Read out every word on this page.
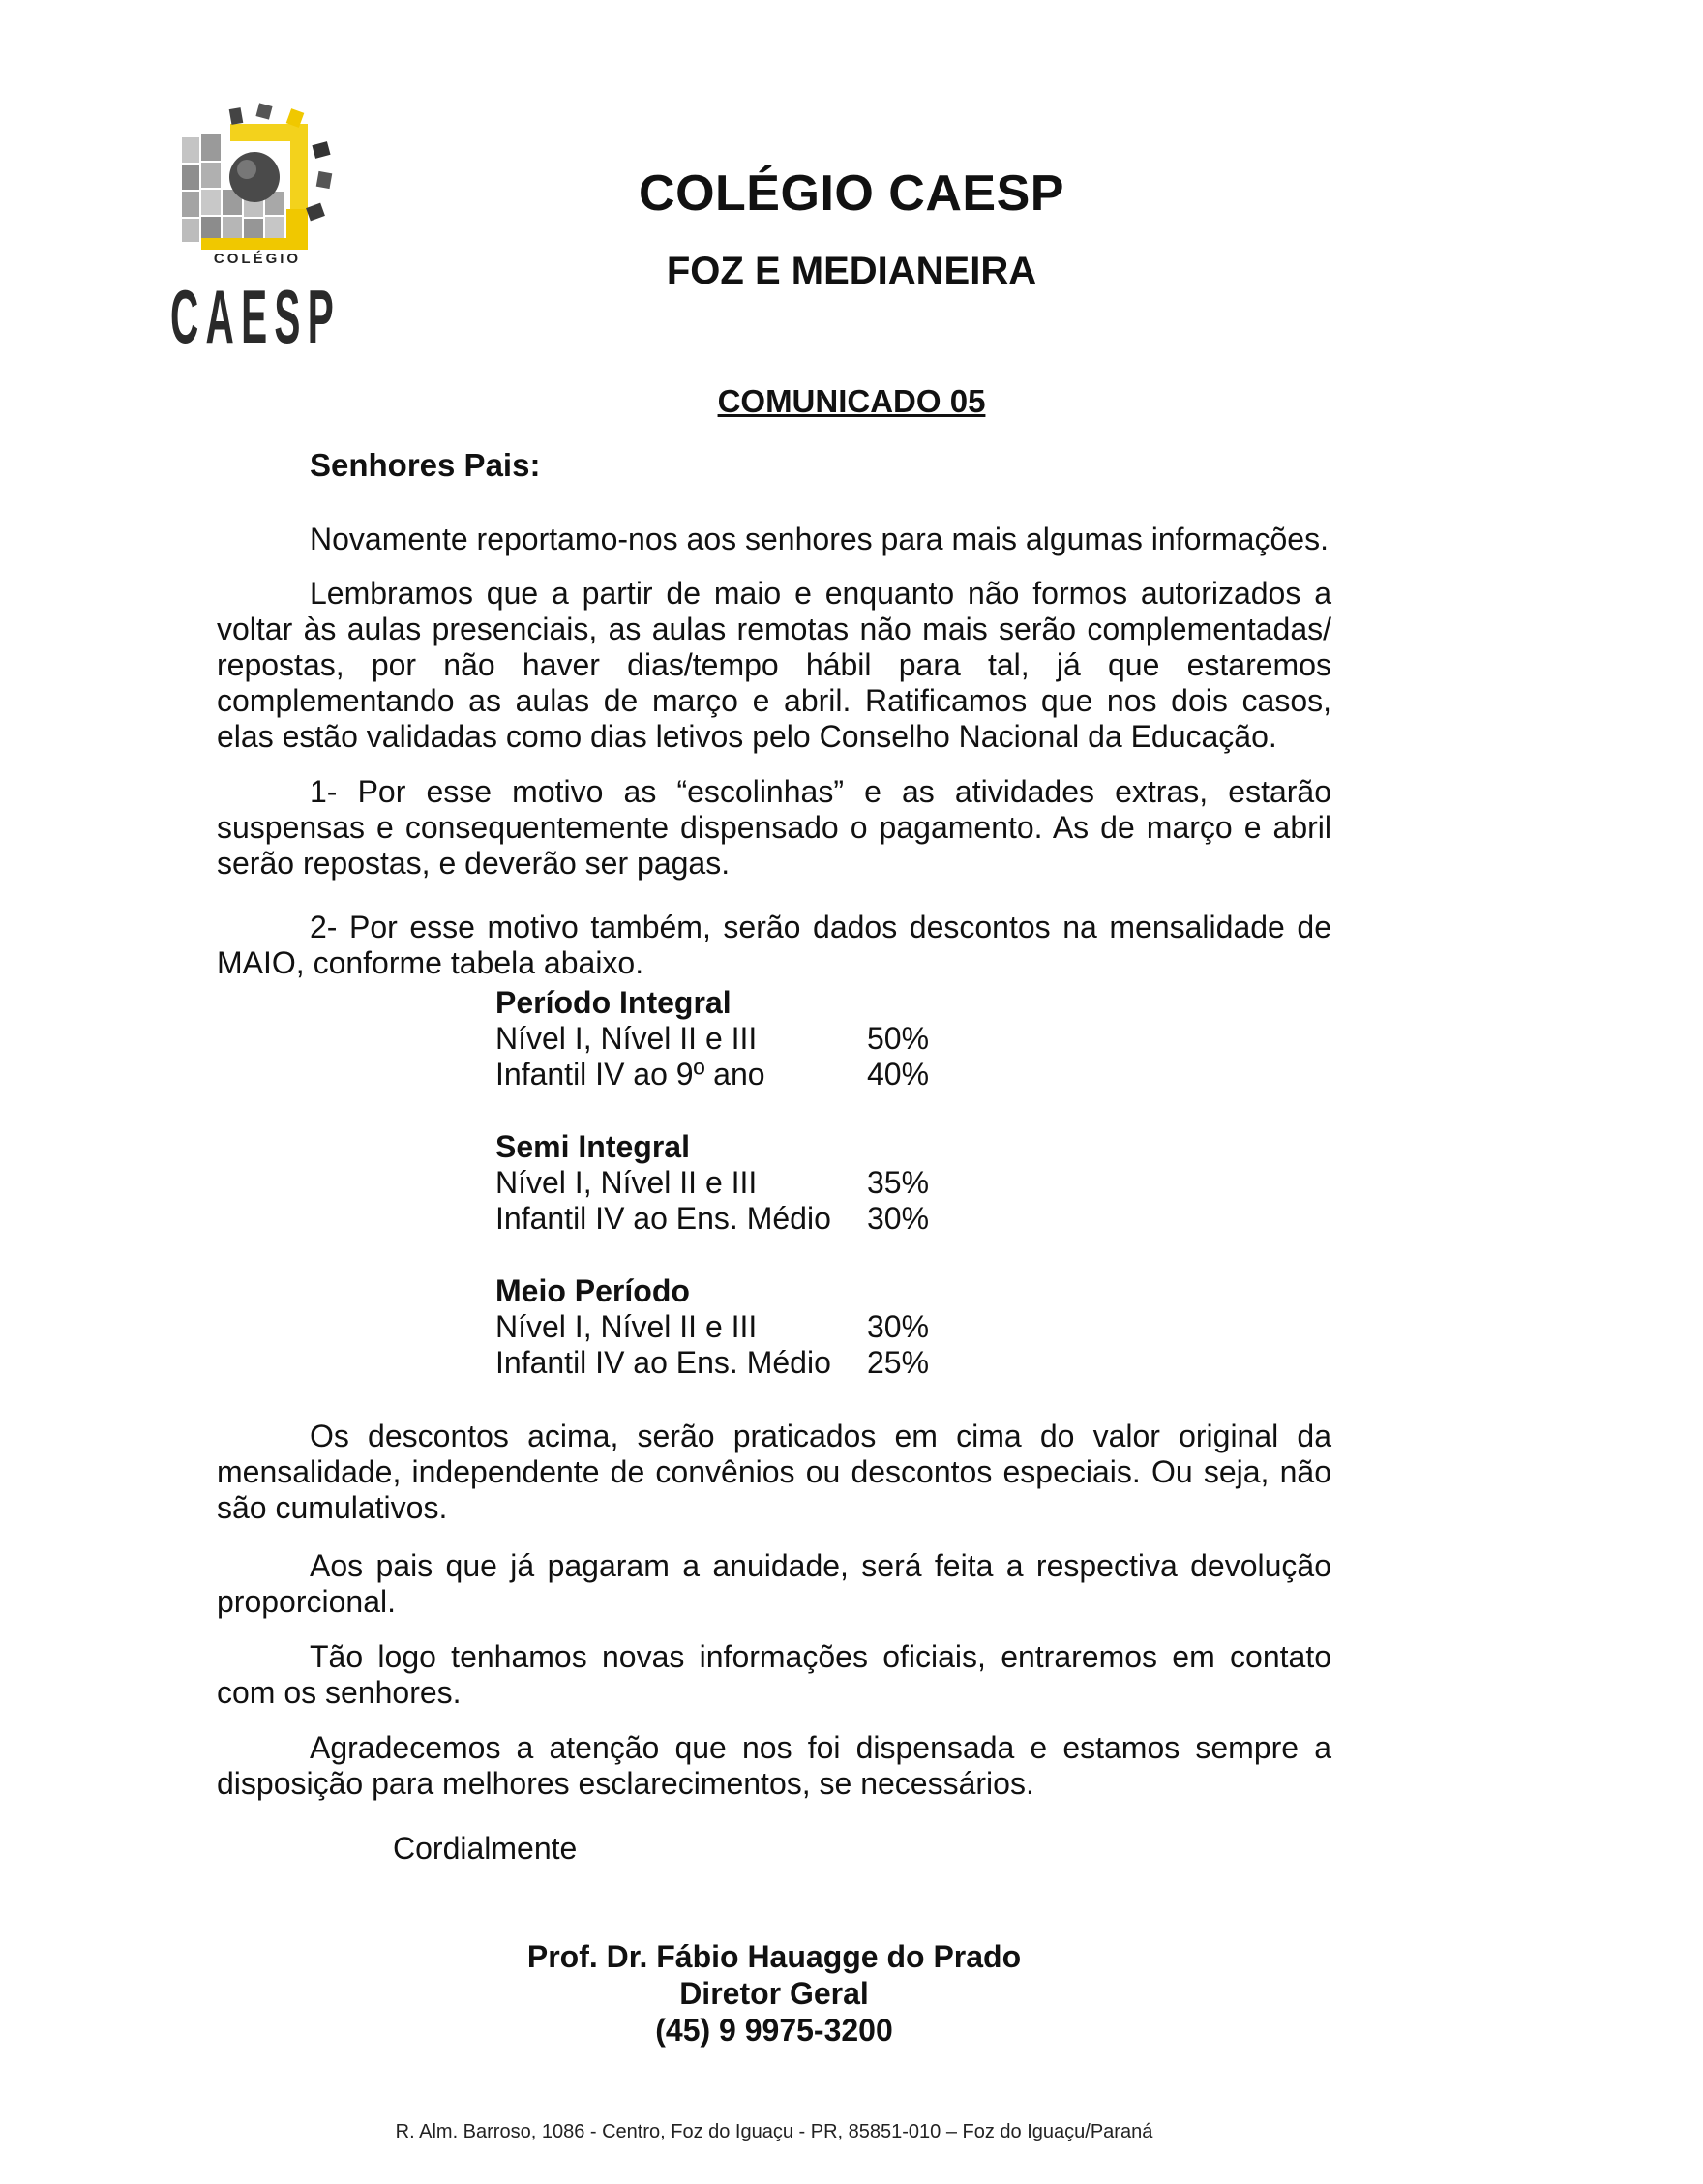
COLÉGIO
CAESP
COLÉGIO CAESP
FOZ E MEDIANEIRA
COMUNICADO 05
Senhores Pais:

Novamente reportamo-nos aos senhores para mais algumas informações.

Lembramos que a partir de maio e enquanto não formos autorizados a voltar às aulas presenciais, as aulas remotas não mais serão complementadas/ repostas, por não haver dias/tempo hábil para tal, já que estaremos complementando as aulas de março e abril. Ratificamos que nos dois casos, elas estão validadas como dias letivos pelo Conselho Nacional da Educação.

1- Por esse motivo as “escolinhas” e as atividades extras, estarão suspensas e consequentemente dispensado o pagamento. As de março e abril serão repostas, e deverão ser pagas.

2- Por esse motivo também, serão dados descontos na mensalidade de MAIO, conforme tabela abaixo.

Período Integral
Nível I, Nível II e III	50%
Infantil IV ao 9º ano	40%
Semi Integral
Nível I, Nível II e III	35%
Infantil IV ao Ens. Médio 30%
Meio Período
Nível I, Nível II e III	30%
Infantil IV ao Ens. Médio 25%

Os descontos acima, serão praticados em cima do valor original da mensalidade, independente de convênios ou descontos especiais. Ou seja, não são cumulativos.

Aos pais que já pagaram a anuidade, será feita a respectiva devolução proporcional.

Tão logo tenhamos novas informações oficiais, entraremos em contato com os senhores.

Agradecemos a atenção que nos foi dispensada e estamos sempre a disposição para melhores esclarecimentos, se necessários.

Cordialmente
Prof. Dr. Fábio Hauagge do Prado
Diretor Geral
(45) 9 9975-3200
R. Alm. Barroso, 1086 - Centro, Foz do Iguaçu - PR, 85851-010 – Foz do Iguaçu/Paraná
